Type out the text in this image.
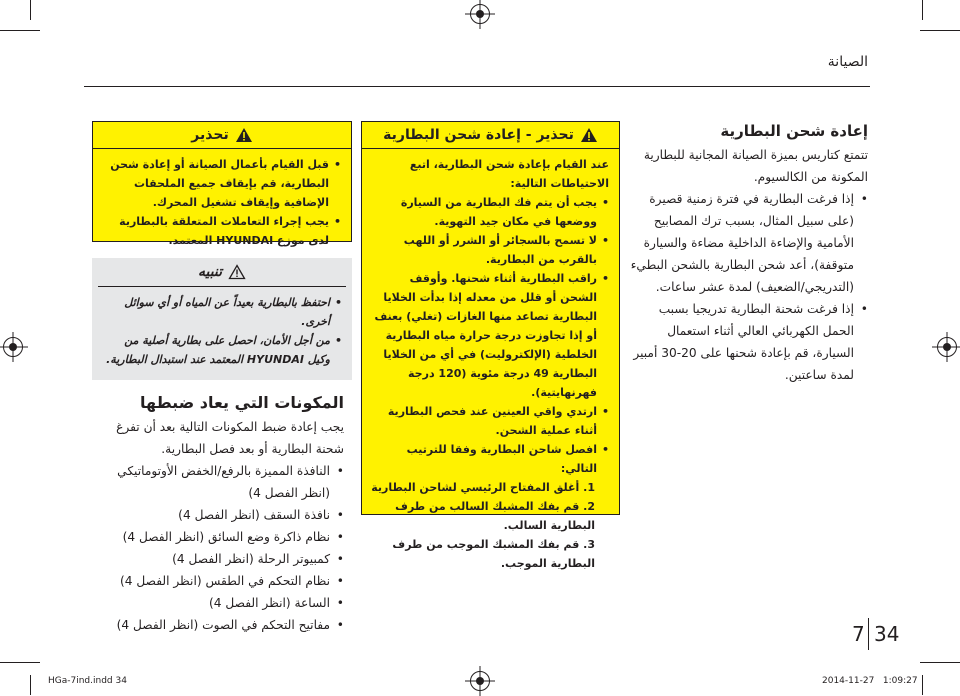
الصيانة
إعادة شحن البطارية
تتمتع كتاريس بميزة الصيانة المجانية للبطارية المكونة من الكالسيوم.
• إذا فرغت البطارية في فترة زمنية قصيرة (على سبيل المثال، بسبب ترك المصابيح الأمامية والإضاءة الداخلية مضاءة والسيارة متوقفة)، أعد شحن البطارية بالشحن البطيء (التدريجي/الضعيف) لمدة عشر ساعات.
• إذا فرغت شحنة البطارية تدريجيا بسبب الحمل الكهربائي العالي أثناء استعمال السيارة، قم بإعادة شحنها على 20-30 أمبير لمدة ساعتين.
تحذير - إعادة شحن البطارية
عند القيام بإعادة شحن البطارية، اتبع الاحتياطات التالية:
• يجب أن يتم فك البطارية من السيارة ووضعها في مكان جيد التهوية.
• لا تسمح بالسجائر أو الشرر أو اللهب بالقرب من البطارية.
• راقب البطارية أثناء شحنها. وأوقف الشحن أو قلل من معدله إذا بدأت الخلايا البطارية تصاعد منها الغازات (تغلي) بعنف أو إذا تجاوزت درجة حرارة مياه البطارية الخلطية (الإلكتروليت) في أي من الخلايا البطارية 49 درجة مئوية (120 درجة فهرنهايتية).
• ارتدي واقي العينين عند فحص البطارية أثناء عملية الشحن.
• افصل شاحن البطارية وفقا للترتيب التالي:
1. أغلق المفتاح الرئيسي لشاحن البطارية
2. قم بفك المشبك السالب من طرف البطارية السالب.
3. قم بفك المشبك الموجب من طرف البطارية الموجب.
تحذير
• قبل القيام بأعمال الصيانة أو إعادة شحن البطارية، قم بإيقاف جميع الملحقات الإضافية وإيقاف تشغيل المحرك.
• يجب إجراء التعاملات المتعلقة بالبطارية لدى موزع HYUNDAI المعتمد.
تنبيه
• احتفظ بالبطارية بعيداً عن المياه أو أي سوائل أخرى.
• من أجل الأمان، احصل على بطارية أصلية من وكيل HYUNDAI المعتمد عند استبدال البطارية.
المكونات التي يعاد ضبطها
يجب إعادة ضبط المكونات التالية بعد أن تفرغ شحنة البطارية أو بعد فصل البطارية.
• النافذة المميزة بالرفع/الخفض الأوتوماتيكي (انظر الفصل 4)
• نافذة السقف (انظر الفصل 4)
• نظام ذاكرة وضع السائق (انظر الفصل 4)
• كمبيوتر الرحلة (انظر الفصل 4)
• نظام التحكم في الطقس (انظر الفصل 4)
• الساعة (انظر الفصل 4)
• مفاتيح التحكم في الصوت (انظر الفصل 4)	7 34
HGa-7ind.indd 34	2014-11-27   1:09:27
